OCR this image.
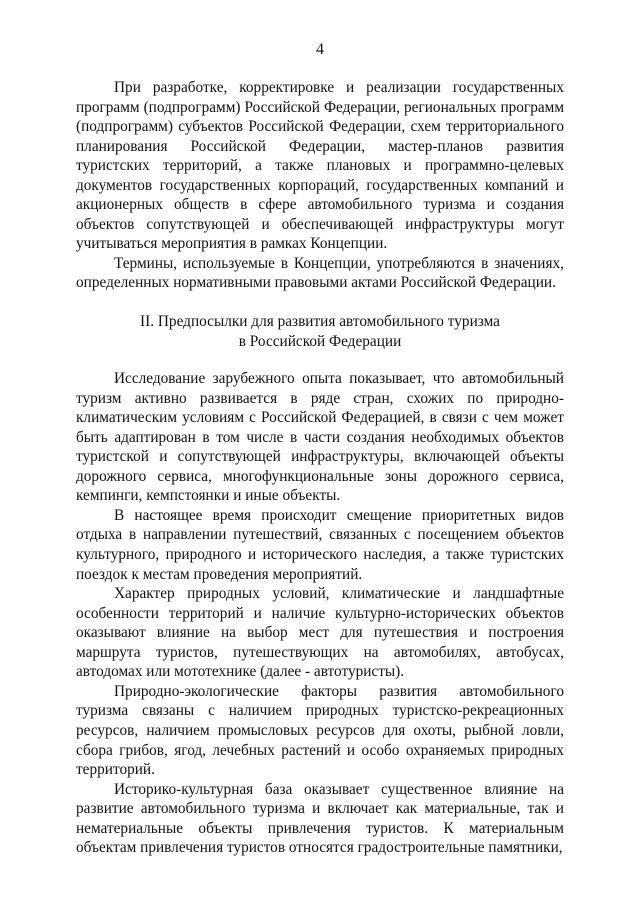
4

При разработке, корректировке и реализации государственных программ (подпрограмм) Российской Федерации, региональных программ (подпрограмм) субъектов Российской Федерации, схем территориального планирования Российской Федерации, мастер-планов развития туристских территорий, а также плановых и программно-целевых документов государственных корпораций, государственных компаний и акционерных обществ в сфере автомобильного туризма и создания объектов сопутствующей и обеспечивающей инфраструктуры могут учитываться мероприятия в рамках Концепции.

Термины, используемые в Концепции, употребляются в значениях, определенных нормативными правовыми актами Российской Федерации.

II. Предпосылки для развития автомобильного туризма
в Российской Федерации

Исследование зарубежного опыта показывает, что автомобильный туризм активно развивается в ряде стран, схожих по природно-климатическим условиям с Российской Федерацией, в связи с чем может быть адаптирован в том числе в части создания необходимых объектов туристской и сопутствующей инфраструктуры, включающей объекты дорожного сервиса, многофункциональные зоны дорожного сервиса, кемпинги, кемпстоянки и иные объекты.

В настоящее время происходит смещение приоритетных видов отдыха в направлении путешествий, связанных с посещением объектов культурного, природного и исторического наследия, а также туристских поездок к местам проведения мероприятий.

Характер природных условий, климатические и ландшафтные особенности территорий и наличие культурно-исторических объектов оказывают влияние на выбор мест для путешествия и построения маршрута туристов, путешествующих на автомобилях, автобусах, автодомах или мототехнике (далее - автотуристы).

Природно-экологические факторы развития автомобильного туризма связаны с наличием природных туристско-рекреационных ресурсов, наличием промысловых ресурсов для охоты, рыбной ловли, сбора грибов, ягод, лечебных растений и особо охраняемых природных территорий.

Историко-культурная база оказывает существенное влияние на развитие автомобильного туризма и включает как материальные, так и нематериальные объекты привлечения туристов. К материальным объектам привлечения туристов относятся градостроительные памятники,
